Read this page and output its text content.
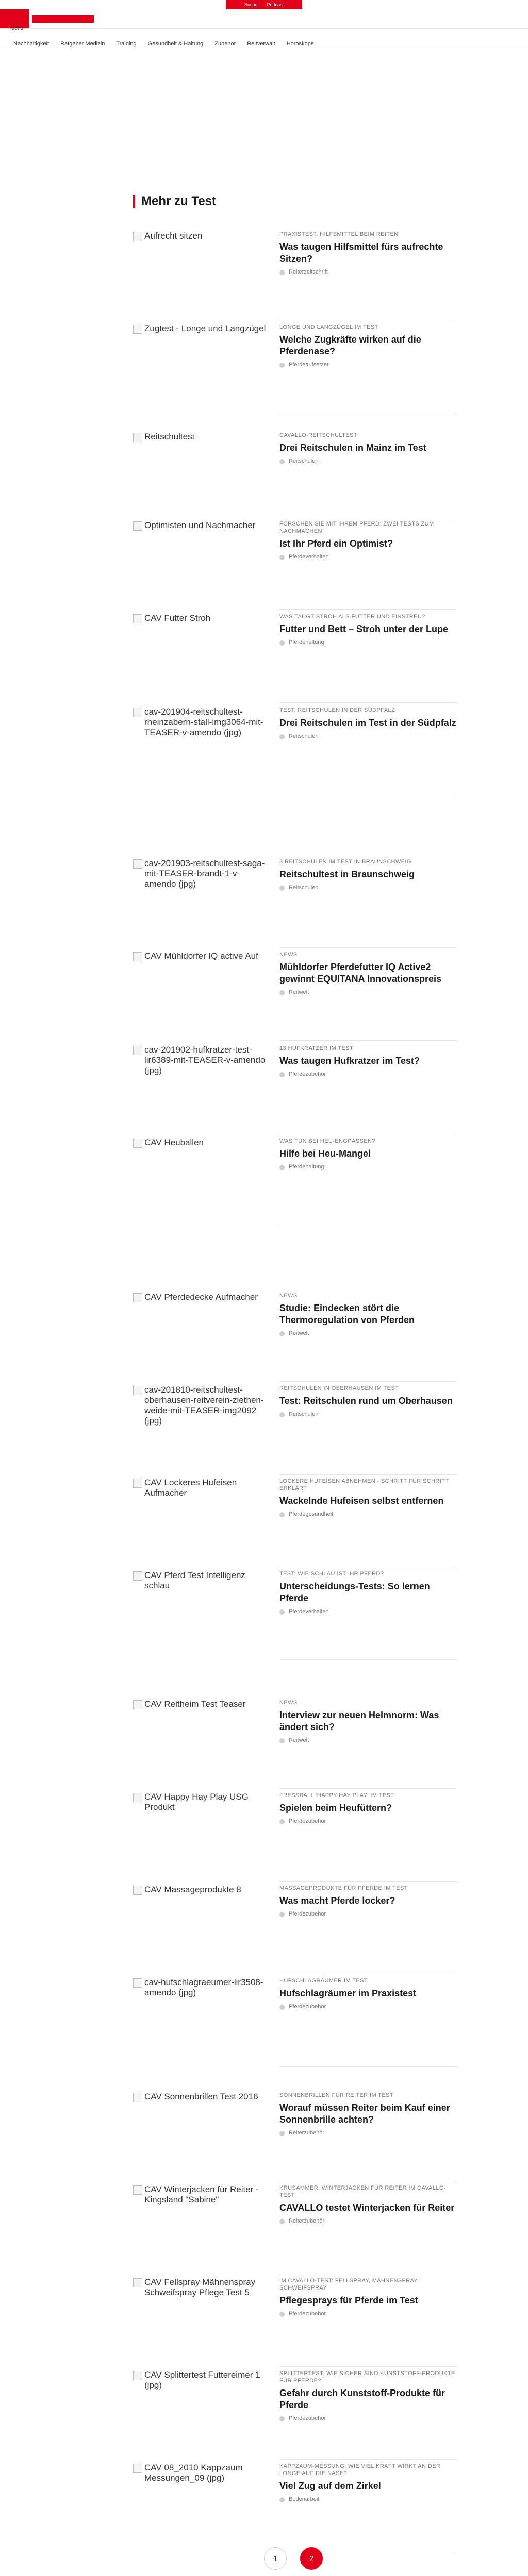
Suche Podcast
Menu
Nachhaltigkeit Ratgeber Medizin Training Gesundheit & Haltung Zubehör Reitverwalt Horoskope
Mehr zu Test
Aufrecht sitzen	PRAXISTEST: HILFSMITTEL BEIM REITEN
Was taugen Hilfsmittel fürs aufrechte Sitzen?
Reiterzeitschrift
Zugtest - Longe und Langzügel	LONGE UND LANGZÜGEL IM TEST
Welche Zugkräfte wirken auf die Pferdenase?
Pferdeaufsetzer
Reitschultest	CAVALLO-REITSCHULTEST
Drei Reitschulen in Mainz im Test
Reitschulen
Optimisten und Nachmacher	FORSCHEN SIE MIT IHREM PFERD: ZWEI TESTS ZUM NACHMACHEN
Ist Ihr Pferd ein Optimist?
Pferdeverhalten
CAV Futter Stroh	WAS TAUGT STROH ALS FUTTER UND EINSTREU?
Futter und Bett – Stroh unter der Lupe
Pferdehaltung
cav-201904-reitschultest-rheinzabern-stall-img3064-mit-TEASER-v-amendo (jpg)
TEST: REITSCHULEN IN DER SÜDPFALZ
Drei Reitschulen im Test in der Südpfalz
Reitschulen
cav-201903-reitschultest-saga-mit-TEASER-brandt-1-v-amendo (jpg)
3 REITSCHULEN IM TEST IN BRAUNSCHWEIG
Reitschultest in Braunschweig
Reitschulen
CAV Mühldorfer IQ active Auf	NEWS
Mühldorfer Pferdefutter IQ Active2 gewinnt EQUITANA Innovationspreis
Reitwelt
cav-201902-hufkratzer-test-lir6389-mit-TEASER-v-amendo (jpg)
13 HUFKRATZER IM TEST
Was taugen Hufkratzer im Test?
Pferdezubehör
CAV Heuballen	WAS TUN BEI HEU-ENGPÄSSEN?
Hilfe bei Heu-Mangel
Pferdehaltung
CAV Pferdedecke Aufmacher	NEWS
Studie: Eindecken stört die Thermoregulation von Pferden
Reitwelt
cav-201810-reitschultest-oberhausen-reitverein-ziethen-weide-mit-TEASER-img2092 (jpg)
REITSCHULEN IN OBERHAUSEN IM TEST
Test: Reitschulen rund um Oberhausen
Reitschulen
CAV Lockeres Hufeisen Aufmacher
LOCKERE HUFEISEN ABNEHMEN - SCHRITT FÜR SCHRITT ERKLÄRT
Wackelnde Hufeisen selbst entfernen
Pferdegesundheit
CAV Pferd Test Intelligenz schlau
TEST: WIE SCHLAU IST IHR PFERD?
Unterscheidungs-Tests: So lernen Pferde
Pferdeverhalten
CAV Reitheim Test Teaser	NEWS
Interview zur neuen Helmnorm: Was ändert sich?
Reitwelt
CAV Happy Hay Play USG Produkt
FRESSBALL 'HAPPY HAY PLAY' IM TEST
Spielen beim Heufüttern?
Pferdezubehör
CAV Massageprodukte 8	MASSAGEPRODUKTE FÜR PFERDE IM TEST
Was macht Pferde locker?
Pferdezubehör
cav-hufschlagraeumer-lir3508-amendo (jpg)
HUFSCHLAGRÄUMER IM TEST
Hufschlagräumer im Praxistest
Pferdezubehör
CAV Sonnenbrillen Test 2016	SONNENBRILLEN FÜR REITER IM TEST
Worauf müssen Reiter beim Kauf einer Sonnenbrille achten?
Reiterzubehör
CAV Winterjacken für Reiter - Kingsland "Sabine"
KRUSAMMER: WINTERJACKEN FÜR REITER IM CAVALLO-TEST
CAVALLO testet Winterjacken für Reiter
Reiterzubehör
CAV Fellspray Mähnenspray Schweifspray Pflege Test 5
IM CAVALLO-TEST: FELLSPRAY, MÄHNENSPRAY, SCHWEIFSPRAY
Pflegesprays für Pferde im Test
Pferdezubehör
CAV Splittertest Futtereimer 1 (jpg)
SPLITTERTEST: WIE SICHER SIND KUNSTSTOFF-PRODUKTE FÜR PFERDE?
Gefahr durch Kunststoff-Produkte für Pferde
Pferdezubehör
CAV 08_2010 Kappzaum Messungen_09 (jpg)
KAPPZAUM-MESSUNG: WIE VIEL KRAFT WIRKT AN DER LONGE AUF DIE NASE?
Viel Zug auf dem Zirkel
Bodenarbeit
1	2
